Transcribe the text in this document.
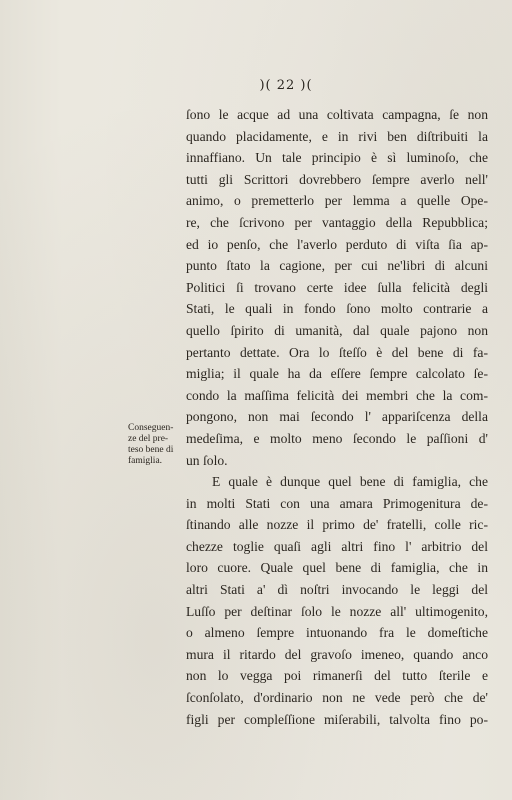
)( 22 )(
Conseguen-
ze del pre-
teso bene di
famiglia.
ſono le acque ad una coltivata campagna, ſe non
quando placidamente, e in rivi ben diſtribuiti la
innaffiano. Un tale principio è sì luminoſo, che
tutti gli Scrittori dovrebbero ſempre averlo nell'
animo, o premetterlo per lemma a quelle Ope-
re, che ſcrivono per vantaggio della Repubblica;
ed io penſo, che l'averlo perduto di viſta ſia ap-
punto ſtato la cagione, per cui ne'libri di alcuni
Politici ſi trovano certe idee ſulla felicità degli
Stati, le quali in fondo ſono molto contrarie a
quello ſpirito di umanità, dal quale pajono non
pertanto dettate. Ora lo ſteſſo è del bene di fa-
miglia; il quale ha da eſſere ſempre calcolato ſe-
condo la maſſima felicità dei membri che la com-
pongono, non mai ſecondo l' appariſcenza della
medeſima, e molto meno ſecondo le paſſioni d'
un ſolo.
E quale è dunque quel bene di famiglia, che
in molti Stati con una amara Primogenitura de-
ſtinando alle nozze il primo de' fratelli, colle ric-
chezze toglie quaſi agli altri fino l' arbitrio del
loro cuore. Quale quel bene di famiglia, che in
altri Stati a' dì noſtri invocando le leggi del
Luſſo per deſtinar ſolo le nozze all' ultimogenito,
o almeno ſempre intuonando fra le domeſtiche
mura il ritardo del gravoſo imeneo, quando anco
non lo vegga poi rimanerſi del tutto ſterile e
ſconſolato, d'ordinario non ne vede però che de'
figli per compleſſione miſerabili, talvolta fino po-
